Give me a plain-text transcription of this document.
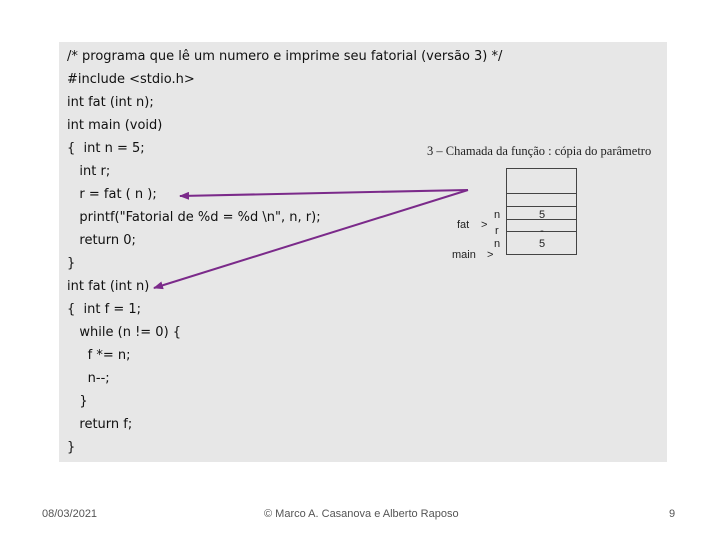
/* programa que lê um numero e imprime seu fatorial (versão 3) */
#include <stdio.h>
int fat (int n);
int main (void)
{  int n = 5;
int r;
r = fat ( n );
printf("Fatorial de %d = %d \n", n, r);
return 0;
}
int fat (int n)
{  int f = 1;
while (n != 0) {
f *= n;
n--;
}
return f;
}
3 – Chamada da função : cópia do parâmetro
fat >
n	5
r	-
main >
n	5
08/03/2021	© Marco A. Casanova e Alberto Raposo	9
